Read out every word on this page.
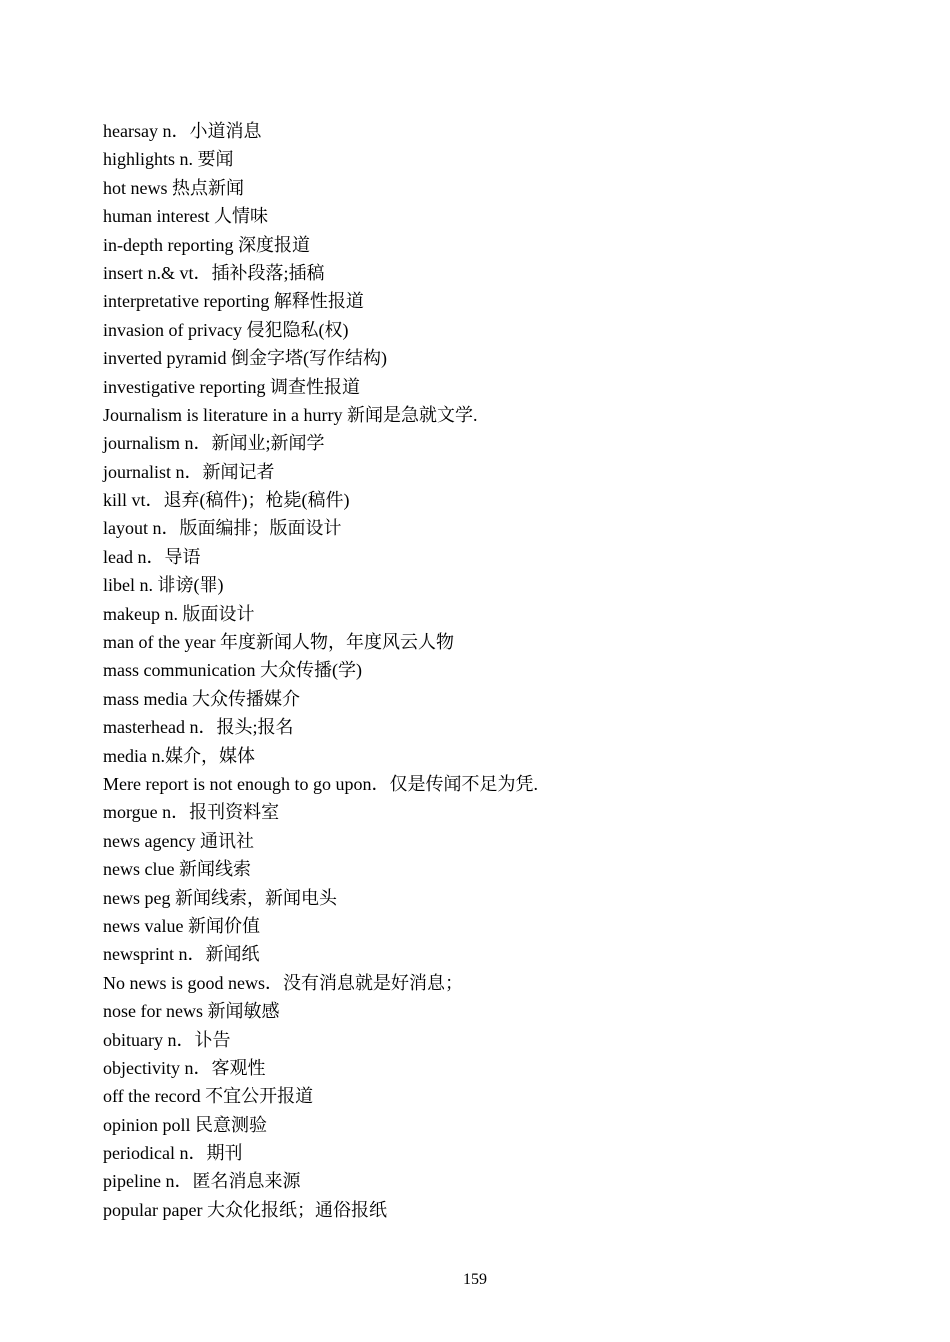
hearsay n．小道消息
highlights n. 要闻
hot news 热点新闻
human interest 人情味
in-depth reporting 深度报道
insert n.& vt．插补段落;插稿
interpretative reporting 解释性报道
invasion of privacy 侵犯隐私(权)
inverted pyramid 倒金字塔(写作结构)
investigative reporting 调查性报道
Journalism is literature in a hurry 新闻是急就文学.
journalism n．新闻业;新闻学
journalist n．新闻记者
kill vt．退弃(稿件)；枪毙(稿件)
layout n．版面编排；版面设计
lead n．导语
libel n. 诽谤(罪)
makeup n. 版面设计
man of the year 年度新闻人物，年度风云人物
mass communication 大众传播(学)
mass media 大众传播媒介
masterhead n．报头;报名
media n.媒介，媒体
Mere report is not enough to go upon．仅是传闻不足为凭.
morgue n．报刊资料室
news agency 通讯社
news clue 新闻线索
news peg 新闻线索，新闻电头
news value 新闻价值
newsprint n．新闻纸
No news is good news．没有消息就是好消息；
nose for news 新闻敏感
obituary n．讣告
objectivity n．客观性
off the record 不宜公开报道
opinion poll 民意测验
periodical n．期刊
pipeline n．匿名消息来源
popular paper 大众化报纸；通俗报纸
159
